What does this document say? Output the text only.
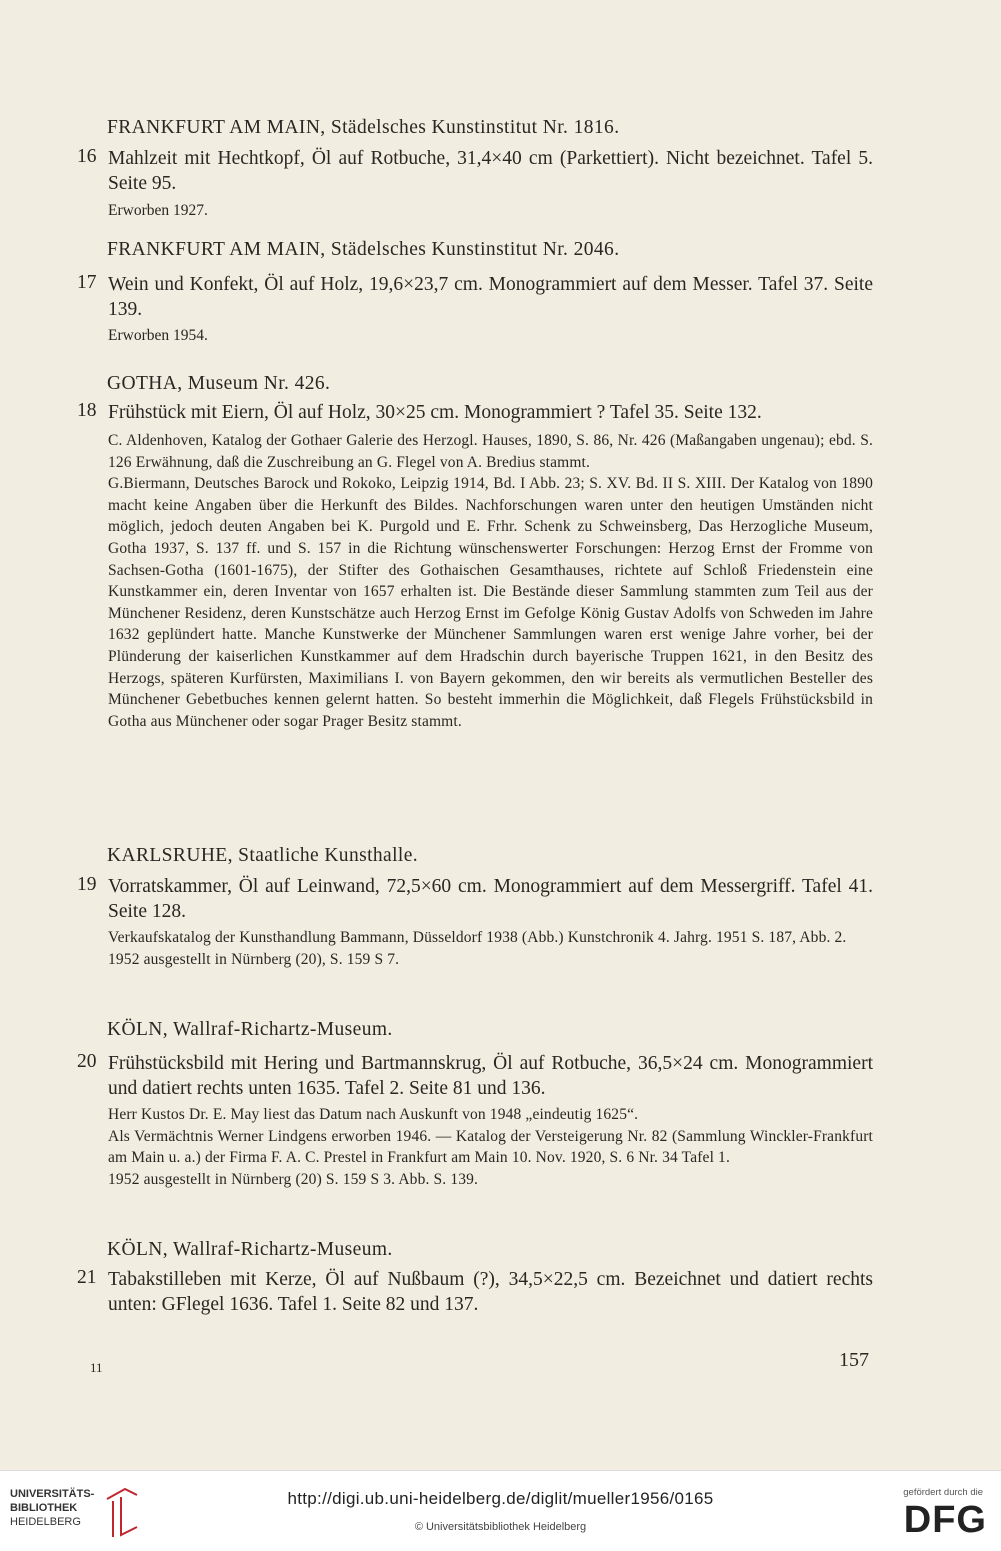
FRANKFURT AM MAIN, Städelsches Kunstinstitut Nr. 1816.
16 Mahlzeit mit Hechtkopf, Öl auf Rotbuche, 31,4×40 cm (Parkettiert). Nicht bezeichnet. Tafel 5. Seite 95.
Erworben 1927.
FRANKFURT AM MAIN, Städelsches Kunstinstitut Nr. 2046.
17 Wein und Konfekt, Öl auf Holz, 19,6×23,7 cm. Monogrammiert auf dem Messer. Tafel 37. Seite 139.
Erworben 1954.
GOTHA, Museum Nr. 426.
18 Frühstück mit Eiern, Öl auf Holz, 30×25 cm. Monogrammiert ? Tafel 35. Seite 132.

C. Aldenhoven, Katalog der Gothaer Galerie des Herzogl. Hauses, 1890, S. 86, Nr. 426 (Maßangaben ungenau); ebd. S. 126 Erwähnung, daß die Zuschreibung an G. Flegel von A. Bredius stammt.

G.Biermann, Deutsches Barock und Rokoko, Leipzig 1914, Bd. I Abb. 23; S. XV. Bd. II S. XIII. Der Katalog von 1890 macht keine Angaben über die Herkunft des Bildes. Nachforschungen waren unter den heutigen Umständen nicht möglich, jedoch deuten Angaben bei K. Purgold und E. Frhr. Schenk zu Schweinsberg, Das Herzogliche Museum, Gotha 1937, S. 137 ff. und S. 157 in die Richtung wünschenswerter Forschungen: Herzog Ernst der Fromme von Sachsen-Gotha (1601-1675), der Stifter des Gothaischen Gesamthauses, richtete auf Schloß Friedenstein eine Kunstkammer ein, deren Inventar von 1657 erhalten ist. Die Bestände dieser Sammlung stammten zum Teil aus der Münchener Residenz, deren Kunstschätze auch Herzog Ernst im Gefolge König Gustav Adolfs von Schweden im Jahre 1632 geplündert hatte. Manche Kunstwerke der Münchener Sammlungen waren erst wenige Jahre vorher, bei der Plünderung der kaiserlichen Kunstkammer auf dem Hradschin durch bayerische Truppen 1621, in den Besitz des Herzogs, späteren Kurfürsten, Maximilians I. von Bayern gekommen, den wir bereits als vermutlichen Besteller des Münchener Gebetbuches kennen gelernt hatten. So besteht immerhin die Möglichkeit, daß Flegels Frühstücksbild in Gotha aus Münchener oder sogar Prager Besitz stammt.

KARLSRUHE, Staatliche Kunsthalle.
19 Vorratskammer, Öl auf Leinwand, 72,5×60 cm. Monogrammiert auf dem Messergriff. Tafel 41. Seite 128.

Verkaufskatalog der Kunsthandlung Bammann, Düsseldorf 1938 (Abb.) Kunstchronik 4. Jahrg. 1951 S. 187, Abb. 2.

1952 ausgestellt in Nürnberg (20), S. 159 S 7.

KÖLN, Wallraf-Richartz-Museum.
20 Frühstücksbild mit Hering und Bartmannskrug, Öl auf Rotbuche, 36,5×24 cm. Monogrammiert und datiert rechts unten 1635. Tafel 2. Seite 81 und 136.

Herr Kustos Dr. E. May liest das Datum nach Auskunft von 1948 „eindeutig 1625“.

Als Vermächtnis Werner Lindgens erworben 1946. — Katalog der Versteigerung Nr. 82 (Sammlung Winckler-Frankfurt am Main u. a.) der Firma F. A. C. Prestel in Frankfurt am Main 10. Nov. 1920, S. 6 Nr. 34 Tafel 1.

1952 ausgestellt in Nürnberg (20) S. 159 S 3. Abb. S. 139.

KÖLN, Wallraf-Richartz-Museum.
21 Tabakstilleben mit Kerze, Öl auf Nußbaum (?), 34,5×22,5 cm. Bezeichnet und datiert rechts unten: GFlegel 1636. Tafel 1. Seite 82 und 137.
11	157
UNIVERSITÄTS-
BIBLIOTHEK
HEIDELBERG
http://digi.ub.uni-heidelberg.de/diglit/mueller1956/0165
© Universitätsbibliothek Heidelberg
gefördert durch die
DFG
